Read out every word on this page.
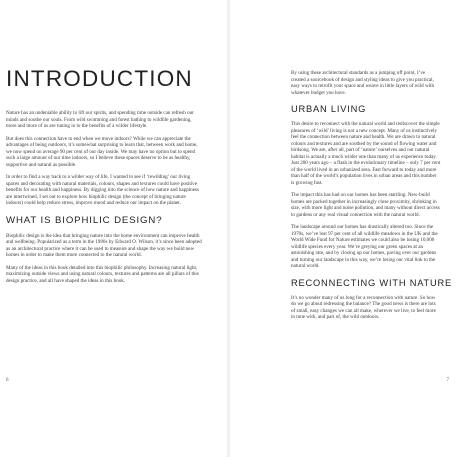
INTRODUCTION

Nature has an undeniable ability to lift our spirits, and spending time outside can refresh our minds and soothe our souls. From wild swimming and forest bathing to wildlife gardening, more and more of us are tuning in to the benefits of a wilder lifestyle.

But does this connection have to end when we move indoors? While we can appreciate the advantages of being outdoors, it’s somewhat surprising to learn that, between work and home, we now spend on average 90 per cent of our day inside. We may have no option but to spend such a large amount of our time indoors, so I believe these spaces deserve to be as healthy, supportive and natural as possible.

In order to find a way back to a wilder way of life, I wanted to see if ‘rewilding’ our living spaces and decorating with natural materials, colours, shapes and textures could have positive benefits for our health and happiness. By digging into the science of how nature and happiness are intertwined, I set out to explore how biophilic design (the concept of bringing nature indoors) could help reduce stress, improve mood and reduce our impact on the planet.

WHAT IS BIOPHILIC DESIGN?

Biophilic design is the idea that bringing nature into the home environment can improve health and wellbeing. Popularized as a term in the 1980s by Edward O. Wilson, it’s since been adopted as an architectural practice where it can be used to measure and shape the way we build new homes in order to make them more connected to the natural world.

Many of the ideas in this book detailed into this biophilic philosophy. Increasing natural light, maximizing outside views and using natural colours, textures and patterns are all pillars of this design practice, and all have shaped the ideas in this book.

6

By using these architectural standards as a jumping off point, I’ve created a sourcebook of design and styling ideas to give you practical, easy ways to retrofit your space and weave in little layers of wild with whatever budget you have.

URBAN LIVING

This desire to reconnect with the natural world and rediscover the simple pleasures of ‘wild’ living is not a new concept. Many of us instinctively feel the connection between nature and health. We are drawn to natural colours and textures and are soothed by the sound of flowing water and birdsong. We are, after all, part of ‘nature’ ourselves and our natural habitat is actually a much wilder one than many of us experience today. Just 200 years ago – a flash in the evolutionary timeline – only 7 per cent of the world lived in an urbanized area. Fast forward to today and more than half of the world’s population lives in urban areas and this number is growing fast.

The impact this has had on our homes has been startling. New-build homes are packed together in increasingly close proximity, shrinking in size, with more light and noise pollution, and many without direct access to gardens or any real visual connection with the natural world.

The landscape around our homes has drastically altered too. Since the 1970s, we’ve lost 97 per cent of all wildlife meadows in the UK and the World Wide Fund for Nature estimates we could also be losing 10,000 wildlife species every year. We’re greying our green spaces at an astonishing rate, and by closing up our homes, paving over our gardens and turning our landscape in this way, we’re losing our vital link to the natural world.

RECONNECTING WITH NATURE

It’s no wonder many of us long for a reconnection with nature. So how do we go about redressing the balance? The good news is there are lots of small, easy changes we can all make, wherever we live, to feel more in tune with, and part of, the wild outdoors.

7
